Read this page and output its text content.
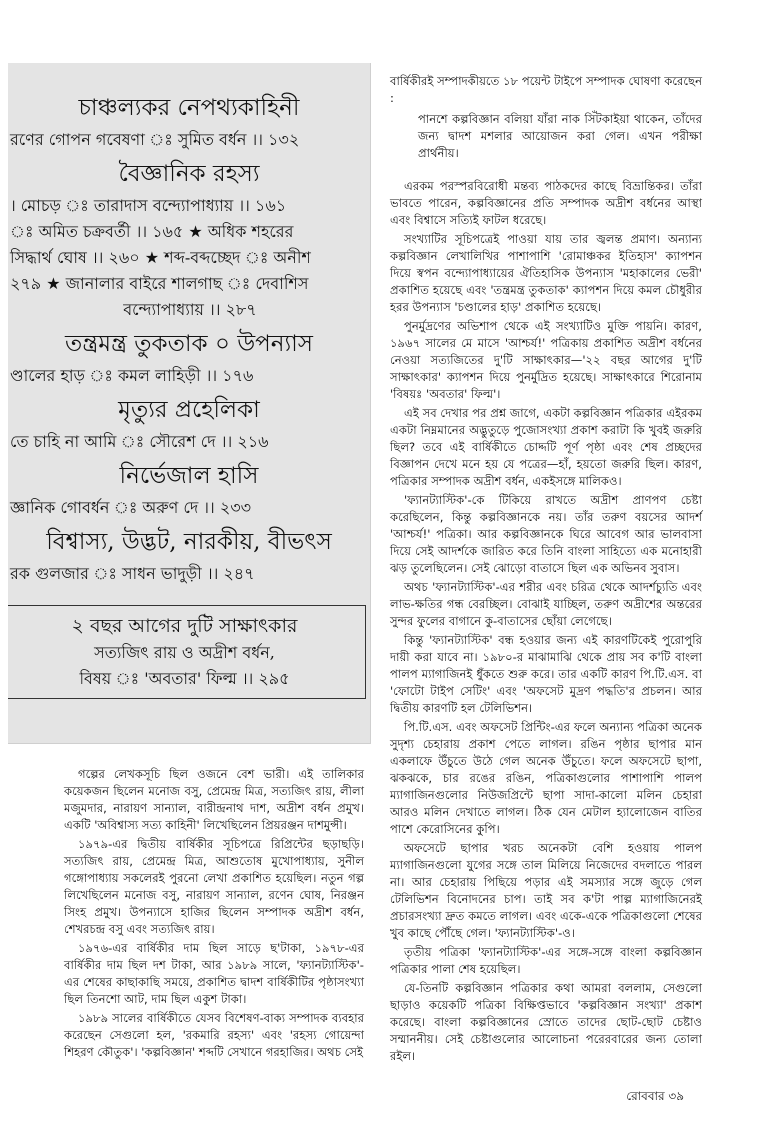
চাঞ্চল্যকর নেপথ্যকাহিনী
রণের গোপন গবেষণা ঃ সুমিত বর্ধন ।। ১৩২
বৈজ্ঞানিক রহস্য
। মোচড় ঃ তারাদাস বন্দ্যোপাধ্যায় ।। ১৬১
ঃ অমিত চক্রবর্তী ।। ১৬৫ ★ অধিক শহরের
সিদ্ধার্থ ঘোষ ।। ২৬০ ★ শব্দ-বব্দচ্ছেদ ঃ অনীশ
২৭৯ ★ জানালার বাইরে শালগাছ ঃ দেবাশিস
বন্দ্যোপাধ্যায় ।। ২৮৭
তন্ত্রমন্ত্র তুকতাক ০ উপন্যাস
ণ্ডালের হাড় ঃ কমল লাহিড়ী ।। ১৭৬
মৃত্যুর প্রহেলিকা
তে চাহি না আমি ঃ সৌরেশ দে ।। ২১৬
নির্ভেজাল হাসি
জ্ঞানিক গোবর্ধন ঃ অরুণ দে ।। ২৩৩
বিশ্বাস্য, উদ্ভট, নারকীয়, বীভৎস
রক গুলজার ঃ সাধন ভাদুড়ী ।। ২৪৭
২ বছর আগের দুটি সাক্ষাৎকার
সত্যজিৎ রায় ও অদ্রীশ বর্ধন,
বিষয় ঃ 'অবতার' ফিল্ম ।। ২৯৫

গল্পের লেখকসূচি ছিল ওজনে বেশ ভারী। এই তালিকার কয়েকজন ছিলেন মনোজ বসু, প্রেমেন্দ্র মিত্র, সত্যজিৎ রায়, লীলা মজুমদার, নারায়ণ সান্যাল, বারীন্দ্রনাথ দাশ, অদ্রীশ বর্ধন প্রমুখ। একটি 'অবিশ্বাস্য সত্য কাহিনী' লিখেছিলেন প্রিয়রঞ্জন দাশমুন্সী।

১৯৭৯-এর দ্বিতীয় বার্ষিকীর সূচিপত্রে রিপ্রিন্টের ছড়াছড়ি। সত্যজিৎ রায়, প্রেমেন্দ্র মিত্র, আশুতোষ মুখোপাধ্যায়, সুনীল গঙ্গোপাধ্যায় সকলেরই পুরনো লেখা প্রকাশিত হয়েছিল। নতুন গল্প লিখেছিলেন মনোজ বসু, নারায়ণ সান্যাল, রণেন ঘোষ, নিরঞ্জন সিংহ প্রমুখ। উপন্যাসে হাজির ছিলেন সম্পাদক অদ্রীশ বর্ধন, শেখরচন্দ্র বসু এবং সত্যজিৎ রায়।

১৯৭৬-এর বার্ষিকীর দাম ছিল সাড়ে ছ'টাকা, ১৯৭৮-এর বার্ষিকীর দাম ছিল দশ টাকা, আর ১৯৮৯ সালে, 'ফ্যানট্যাস্টিক'-এর শেষের কাছাকাছি সময়ে, প্রকাশিত দ্বাদশ বার্ষিকীটির পৃষ্ঠাসংখ্যা ছিল তিনশো আট, দাম ছিল একুশ টাকা।

১৯৮৯ সালের বার্ষিকীতে যেসব বিশেষণ-বাক্য সম্পাদক ব্যবহার করেছেন সেগুলো হল, 'রকমারি রহস্য' এবং 'রহস্য গোয়েন্দা শিহরণ কৌতুক'। 'কল্পবিজ্ঞান' শব্দটি সেখানে গরহাজির। অথচ সেই

বার্ষিকীরই সম্পাদকীয়তে ১৮ পয়েন্ট টাইপে সম্পাদক ঘোষণা করেছেন :

পানশে কল্পবিজ্ঞান বলিয়া যাঁরা নাক সিঁটকাইয়া থাকেন, তাঁদের জন্য দ্বাদশ মশলার আয়োজন করা গেল। এখন পরীক্ষা প্রার্থনীয়।

এরকম পরস্পরবিরোধী মন্তব্য পাঠকদের কাছে বিভ্রান্তিকর। তাঁরা ভাবতে পারেন, কল্পবিজ্ঞানের প্রতি সম্পাদক অদ্রীশ বর্ধনের আস্থা এবং বিশ্বাসে সত্যিই ফাটল ধরেছে।

সংখ্যাটির সূচিপত্রেই পাওয়া যায় তার জ্বলন্ত প্রমাণ। অন্যান্য কল্পবিজ্ঞান লেখালিখির পাশাপাশি 'রোমাঞ্চকর ইতিহাস' ক্যাপশন দিয়ে স্বপন বন্দ্যোপাধ্যায়ের ঐতিহাসিক উপন্যাস 'মহাকালের ভেরী' প্রকাশিত হয়েছে এবং 'তন্ত্রমন্ত্র তুকতাক' ক্যাপশন দিয়ে কমল চৌধুরীর হরর উপন্যাস 'চণ্ডালের হাড়' প্রকাশিত হয়েছে।

পুনর্মুদ্রণের অভিশাপ থেকে এই সংখ্যাটিও মুক্তি পায়নি। কারণ, ১৯৬৭ সালের মে মাসে 'আশ্চর্য!' পত্রিকায় প্রকাশিত অদ্রীশ বর্ধনের নেওয়া সত্যজিতের দু'টি সাক্ষাৎকার—'২২ বছর আগের দু'টি সাক্ষাৎকার' ক্যাপশন দিয়ে পুনর্মুদ্রিত হয়েছে। সাক্ষাৎকারে শিরোনাম 'বিষয়ঃ 'অবতার' ফিল্ম'।

এই সব দেখার পর প্রশ্ন জাগে, একটা কল্পবিজ্ঞান পত্রিকার এইরকম একটা নিম্নমানের অদ্ভুতুড়ে পুজোসংখ্যা প্রকাশ করাটা কি খুবই জরুরি ছিল? তবে এই বার্ষিকীতে চোদ্দটি পূর্ণ পৃষ্ঠা এবং শেষ প্রচ্ছদের বিজ্ঞাপন দেখে মনে হয় যে পত্রের—হাঁ, হয়তো জরুরি ছিল। কারণ, পত্রিকার সম্পাদক অদ্রীশ বর্ধন, একইসঙ্গে মালিকও।

'ফ্যানট্যাস্টিক'-কে টিকিয়ে রাখতে অদ্রীশ প্রাণপণ চেষ্টা করেছিলেন, কিন্তু কল্পবিজ্ঞানকে নয়। তাঁর তরুণ বয়সের আদর্শ 'আশ্চর্য!' পত্রিকা। আর কল্পবিজ্ঞানকে ঘিরে আবেগ আর ভালবাসা দিয়ে সেই আদর্শকে জারিত করে তিনি বাংলা সাহিত্যে এক মনোহারী ঝড় তুলেছিলেন। সেই ঝোড়ো বাতাসে ছিল এক অভিনব সুবাস।

অথচ 'ফ্যানট্যাস্টিক'-এর শরীর এবং চরিত্র থেকে আদর্শচ্যুতি এবং লাভ-ক্ষতির গন্ধ বেরচ্ছিল। বোঝাই যাচ্ছিল, তরুণ অদ্রীশের অন্তরের সুন্দর ফুলের বাগানে কু-বাতাসের ছোঁয়া লেগেছে।

কিন্তু 'ফ্যানট্যাস্টিক' বন্ধ হওয়ার জন্য এই কারণটিকেই পুরোপুরি দায়ী করা যাবে না। ১৯৮০-র মাঝামাঝি থেকে প্রায় সব ক'টি বাংলা পালপ ম্যাগাজিনই ধুঁকতে শুরু করে। তার একটি কারণ পি.টি.এস. বা 'ফোটো টাইপ সেটিং' এবং 'অফসেট মুদ্রণ পদ্ধতি'র প্রচলন। আর দ্বিতীয় কারণটি হল টেলিভিশন।

পি.টি.এস. এবং অফসেট প্রিন্টিং-এর ফলে অন্যান্য পত্রিকা অনেক সুদৃশ্য চেহারায় প্রকাশ পেতে লাগল। রঙিন পৃষ্ঠার ছাপার মান একলাফে উঁচুতে উঠে গেল অনেক উঁচুতে। ফলে অফসেটে ছাপা, ঝকঝকে, চার রঙের রঙিন, পত্রিকাগুলোর পাশাপাশি পালপ ম্যাগাজিনগুলোর নিউজপ্রিন্টে ছাপা সাদা-কালো মলিন চেহারা আরও মলিন দেখাতে লাগল। ঠিক যেন মেটাল হ্যালোজেন বাতির পাশে কেরোসিনের কুপি।

অফসেটে ছাপার খরচ অনেকটা বেশি হওয়ায় পালপ ম্যাগাজিনগুলো যুগের সঙ্গে তাল মিলিয়ে নিজেদের বদলাতে পারল না। আর চেহারায় পিছিয়ে পড়ার এই সমস্যার সঙ্গে জুড়ে গেল টেলিভিশন বিনোদনের চাপ। তাই সব ক'টা পাল্প ম্যাগাজিনেরই প্রচারসংখ্যা দ্রুত কমতে লাগল। এবং একে-একে পত্রিকাগুলো শেষের খুব কাছে পৌঁছে গেল। 'ফ্যানট্যাস্টিক'-ও।

তৃতীয় পত্রিকা 'ফ্যানট্যাস্টিক'-এর সঙ্গে-সঙ্গে বাংলা কল্পবিজ্ঞান পত্রিকার পালা শেষ হয়েছিল।

যে-তিনটি কল্পবিজ্ঞান পত্রিকার কথা আমরা বললাম, সেগুলো ছাড়াও কয়েকটি পত্রিকা বিক্ষিপ্তভাবে 'কল্পবিজ্ঞান সংখ্যা' প্রকাশ করেছে। বাংলা কল্পবিজ্ঞানের স্রোতে তাদের ছোট-ছোট চেষ্টাও সম্মাননীয়। সেই চেষ্টাগুলোর আলোচনা পরেরবারের জন্য তোলা রইল।

রোববার ৩৯
